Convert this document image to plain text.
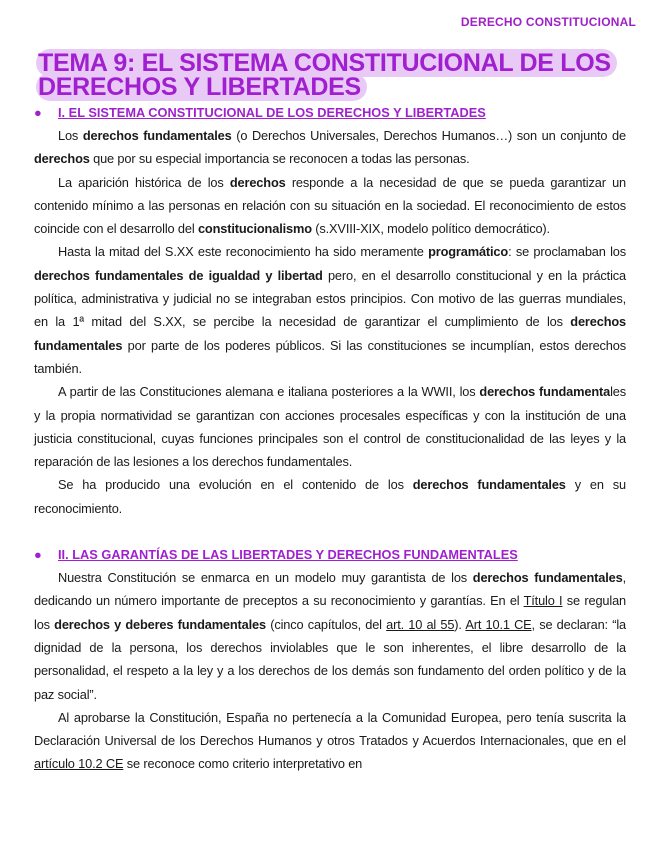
DERECHO CONSTITUCIONAL
TEMA 9: EL SISTEMA CONSTITUCIONAL DE LOS DERECHOS Y LIBERTADES
● I. EL SISTEMA CONSTITUCIONAL DE LOS DERECHOS Y LIBERTADES

Los derechos fundamentales (o Derechos Universales, Derechos Humanos…) son un conjunto de derechos que por su especial importancia se reconocen a todas las personas.

La aparición histórica de los derechos responde a la necesidad de que se pueda garantizar un contenido mínimo a las personas en relación con su situación en la sociedad. El reconocimiento de estos coincide con el desarrollo del constitucionalismo (s.XVIII-XIX, modelo político democrático).

Hasta la mitad del S.XX este reconocimiento ha sido meramente programático: se proclamaban los derechos fundamentales de igualdad y libertad pero, en el desarrollo constitucional y en la práctica política, administrativa y judicial no se integraban estos principios. Con motivo de las guerras mundiales, en la 1ª mitad del S.XX, se percibe la necesidad de garantizar el cumplimiento de los derechos fundamentales por parte de los poderes públicos. Si las constituciones se incumplían, estos derechos también.

A partir de las Constituciones alemana e italiana posteriores a la WWII, los derechos fundamentales y la propia normatividad se garantizan con acciones procesales específicas y con la institución de una justicia constitucional, cuyas funciones principales son el control de constitucionalidad de las leyes y la reparación de las lesiones a los derechos fundamentales.

Se ha producido una evolución en el contenido de los derechos fundamentales y en su reconocimiento.

● II. LAS GARANTÍAS DE LAS LIBERTADES Y DERECHOS FUNDAMENTALES

Nuestra Constitución se enmarca en un modelo muy garantista de los derechos fundamentales, dedicando un número importante de preceptos a su reconocimiento y garantías. En el Título I se regulan los derechos y deberes fundamentales (cinco capítulos, del art. 10 al 55). Art 10.1 CE, se declaran: “la dignidad de la persona, los derechos inviolables que le son inherentes, el libre desarrollo de la personalidad, el respeto a la ley y a los derechos de los demás son fundamento del orden político y de la paz social”.

Al aprobarse la Constitución, España no pertenecía a la Comunidad Europea, pero tenía suscrita la Declaración Universal de los Derechos Humanos y otros Tratados y Acuerdos Internacionales, que en el artículo 10.2 CE se reconoce como criterio interpretativo en
